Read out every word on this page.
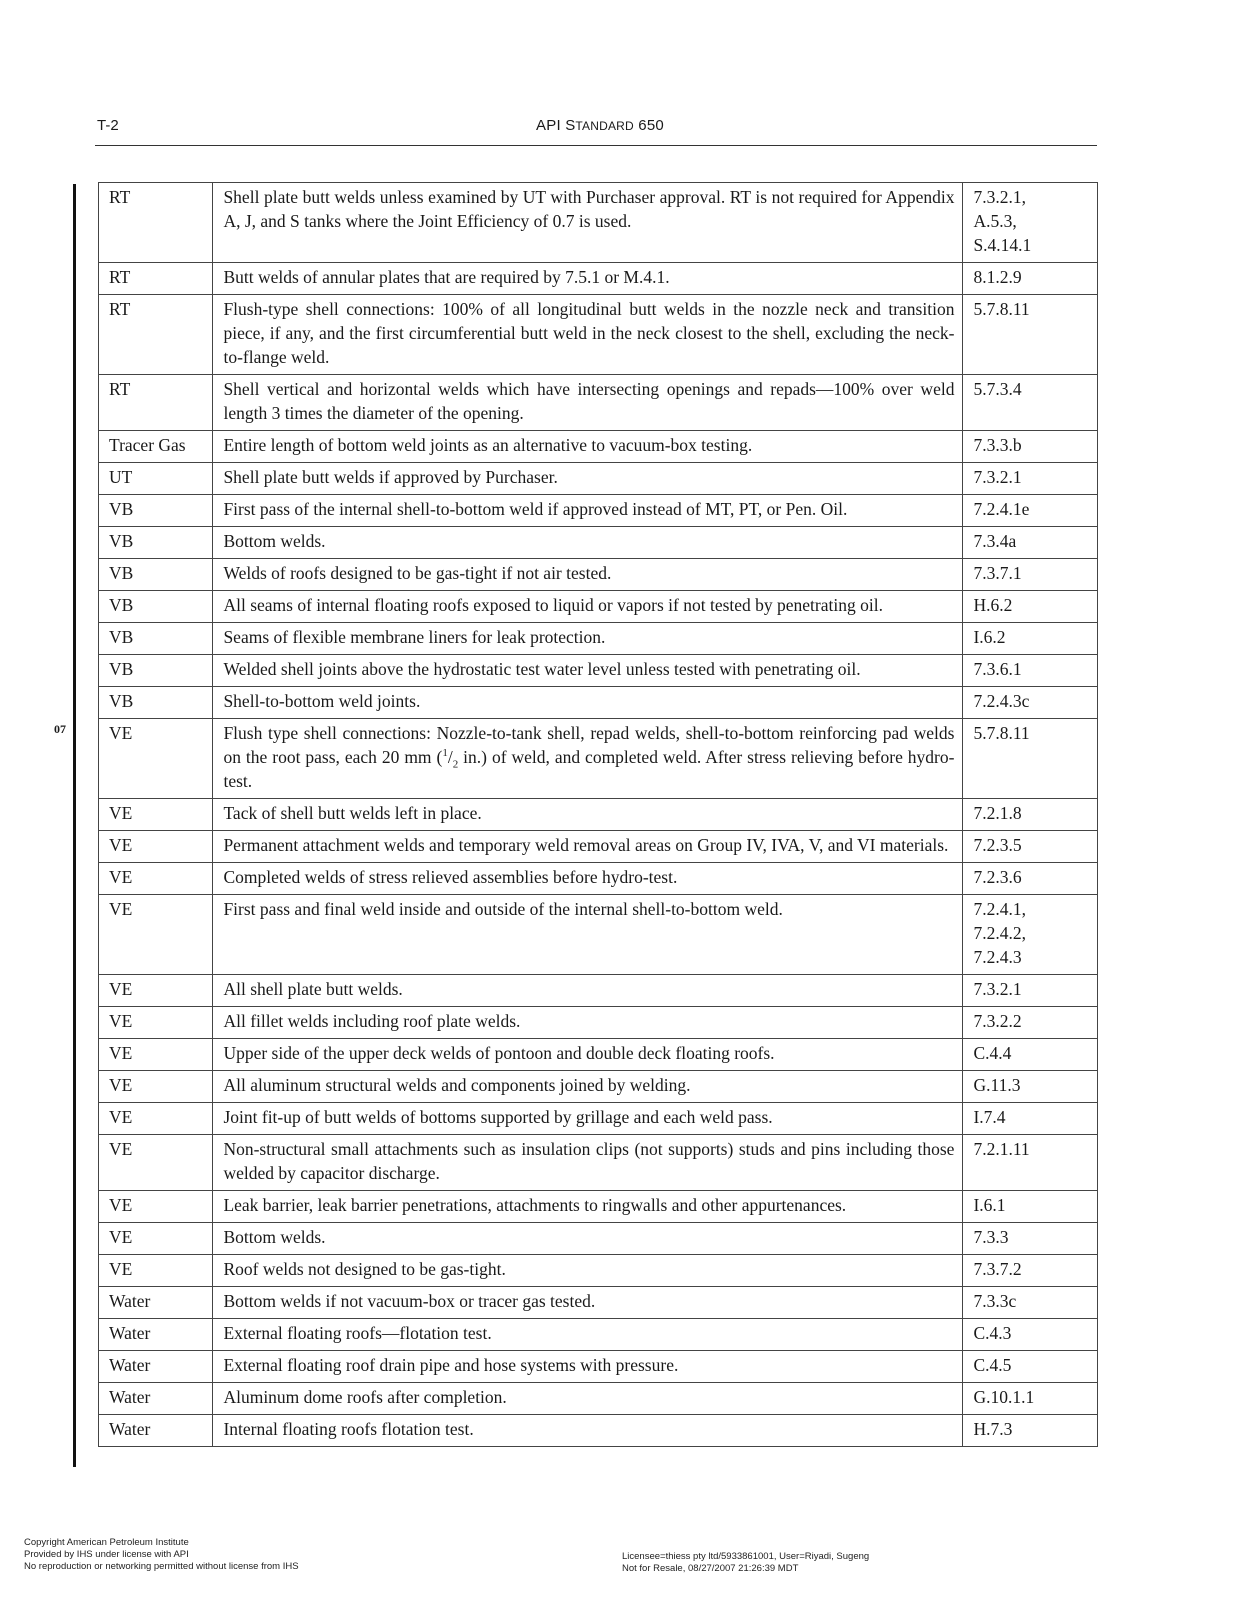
T-2	API STANDARD 650
07
RT	Shell plate butt welds unless examined by UT with Purchaser approval. RT is not required for Appendix A, J, and S tanks where the Joint Efficiency of 0.7 is used.	7.3.2.1,
A.5.3,
S.4.14.1

RT	Butt welds of annular plates that are required by 7.5.1 or M.4.1.	8.1.2.9
RT	Flush-type shell connections: 100% of all longitudinal butt welds in the nozzle neck and transition piece, if any, and the first circumferential butt weld in the neck closest to the shell, excluding the neck-to-flange weld.	5.7.8.11
RT	Shell vertical and horizontal welds which have intersecting openings and repads—100% over weld length 3 times the diameter of the opening.	5.7.3.4
Tracer Gas	Entire length of bottom weld joints as an alternative to vacuum-box testing.	7.3.3.b
UT	Shell plate butt welds if approved by Purchaser.	7.3.2.1
VB	First pass of the internal shell-to-bottom weld if approved instead of MT, PT, or Pen. Oil.	7.2.4.1e
VB	Bottom welds.	7.3.4a
VB	Welds of roofs designed to be gas-tight if not air tested.	7.3.7.1
VB	All seams of internal floating roofs exposed to liquid or vapors if not tested by penetrating oil.	H.6.2
VB	Seams of flexible membrane liners for leak protection.	I.6.2
VB	Welded shell joints above the hydrostatic test water level unless tested with penetrating oil.	7.3.6.1
VB	Shell-to-bottom weld joints.	7.2.4.3c
VE	Flush type shell connections: Nozzle-to-tank shell, repad welds, shell-to-bottom reinforcing pad welds on the root pass, each 20 mm ($^1/_2$ in.) of weld, and completed weld. After stress relieving before hydro-test.	5.7.8.11
VE	Tack of shell butt welds left in place.	7.2.1.8
VE	Permanent attachment welds and temporary weld removal areas on Group IV, IVA, V, and VI materials.	7.2.3.5
VE	Completed welds of stress relieved assemblies before hydro-test.	7.2.3.6
VE	First pass and final weld inside and outside of the internal shell-to-bottom weld.	7.2.4.1,
7.2.4.2,
7.2.4.3

VE	All shell plate butt welds.	7.3.2.1
VE	All fillet welds including roof plate welds.	7.3.2.2
VE	Upper side of the upper deck welds of pontoon and double deck floating roofs.	C.4.4
VE	All aluminum structural welds and components joined by welding.	G.11.3
VE	Joint fit-up of butt welds of bottoms supported by grillage and each weld pass.	I.7.4
VE	Non-structural small attachments such as insulation clips (not supports) studs and pins including those welded by capacitor discharge.	7.2.1.11
VE	Leak barrier, leak barrier penetrations, attachments to ringwalls and other appurtenances.	I.6.1
VE	Bottom welds.	7.3.3
VE	Roof welds not designed to be gas-tight.	7.3.7.2
Water	Bottom welds if not vacuum-box or tracer gas tested.	7.3.3c
Water	External floating roofs—flotation test.	C.4.3
Water	External floating roof drain pipe and hose systems with pressure.	C.4.5
Water	Aluminum dome roofs after completion.	G.10.1.1
Water	Internal floating roofs flotation test.	H.7.3
Copyright American Petroleum Institute
Provided by IHS under license with API
No reproduction or networking permitted without license from IHS
Licensee=thiess pty ltd/5933861001, User=Riyadi, Sugeng
Not for Resale, 08/27/2007 21:26:39 MDT
